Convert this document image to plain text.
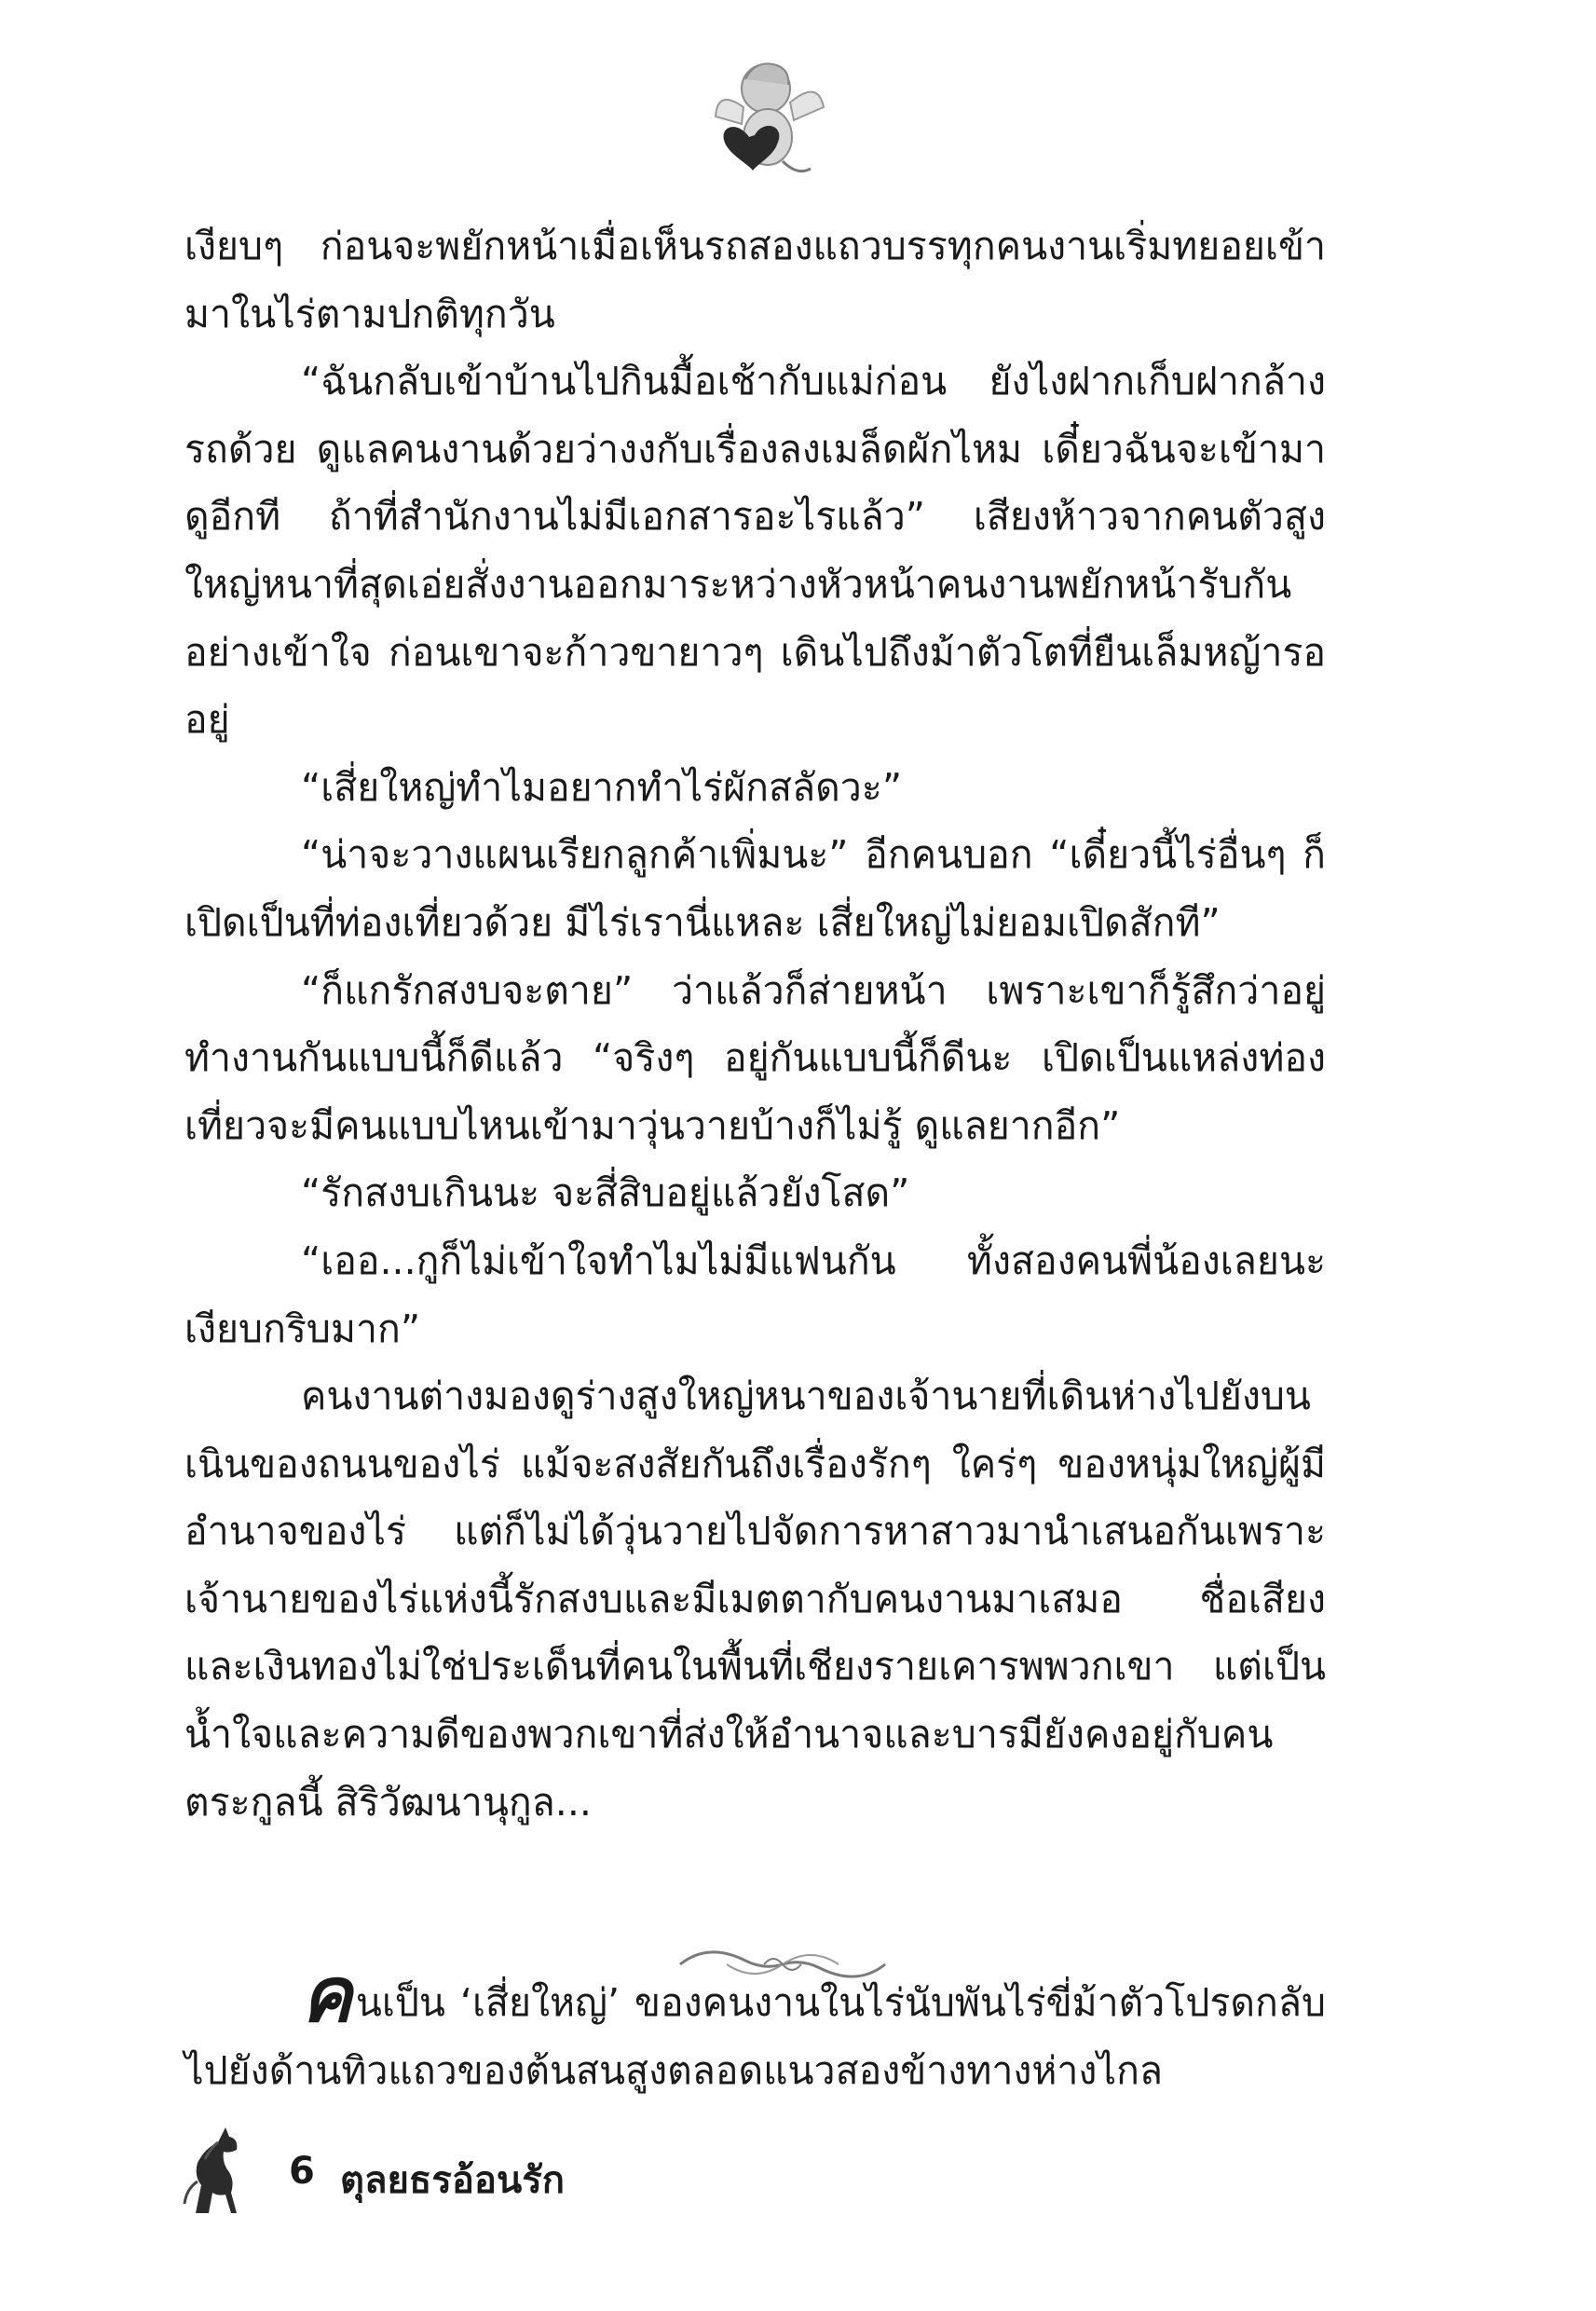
เงียบๆ ก่อนจะพยักหน้าเมื่อเห็นรถสองแถวบรรทุกคนงานเริ่มทยอยเข้ามาในไร่ตามปกติทุกวัน

“ฉันกลับเข้าบ้านไปกินมื้อเช้ากับแม่ก่อน ยังไงฝากเก็บฝากล้างรถด้วย ดูแลคนงานด้วยว่างงกับเรื่องลงเมล็ดผักไหม เดี๋ยวฉันจะเข้ามาดูอีกที ถ้าที่สำนักงานไม่มีเอกสารอะไรแล้ว” เสียงห้าวจากคนตัวสูงใหญ่หนาที่สุดเอ่ยสั่งงานออกมาระหว่างหัวหน้าคนงานพยักหน้ารับกันอย่างเข้าใจ ก่อนเขาจะก้าวขายาวๆ เดินไปถึงม้าตัวโตที่ยืนเล็มหญ้ารออยู่

“เสี่ยใหญ่ทำไมอยากทำไร่ผักสลัดวะ”

“น่าจะวางแผนเรียกลูกค้าเพิ่มนะ” อีกคนบอก “เดี๋ยวนี้ไร่อื่นๆ ก็เปิดเป็นที่ท่องเที่ยวด้วย มีไร่เรานี่แหละ เสี่ยใหญ่ไม่ยอมเปิดสักที”

“ก็แกรักสงบจะตาย” ว่าแล้วก็ส่ายหน้า เพราะเขาก็รู้สึกว่าอยู่ทำงานกันแบบนี้ก็ดีแล้ว “จริงๆ อยู่กันแบบนี้ก็ดีนะ เปิดเป็นแหล่งท่องเที่ยวจะมีคนแบบไหนเข้ามาวุ่นวายบ้างก็ไม่รู้ ดูแลยากอีก”

“รักสงบเกินนะ จะสี่สิบอยู่แล้วยังโสด”

“เออ...กูก็ไม่เข้าใจทำไมไม่มีแฟนกัน ทั้งสองคนพี่น้องเลยนะเงียบกริบมาก”

คนงานต่างมองดูร่างสูงใหญ่หนาของเจ้านายที่เดินห่างไปยังบนเนินของถนนของไร่ แม้จะสงสัยกันถึงเรื่องรักๆ ใคร่ๆ ของหนุ่มใหญ่ผู้มีอำนาจของไร่ แต่ก็ไม่ได้วุ่นวายไปจัดการหาสาวมานำเสนอกันเพราะเจ้านายของไร่แห่งนี้รักสงบและมีเมตตากับคนงานมาเสมอ ชื่อเสียงและเงินทองไม่ใช่ประเด็นที่คนในพื้นที่เชียงรายเคารพพวกเขา แต่เป็นน้ำใจและความดีของพวกเขาที่ส่งให้อำนาจและบารมียังคงอยู่กับคนตระกูลนี้ สิริวัฒนานุกูล...

คนเป็น ‘เสี่ยใหญ่’ ของคนงานในไร่นับพันไร่ขี่ม้าตัวโปรดกลับไปยังด้านทิวแถวของต้นสนสูงตลอดแนวสองข้างทางห่างไกล

6 ตุลยธรอ้อนรัก
